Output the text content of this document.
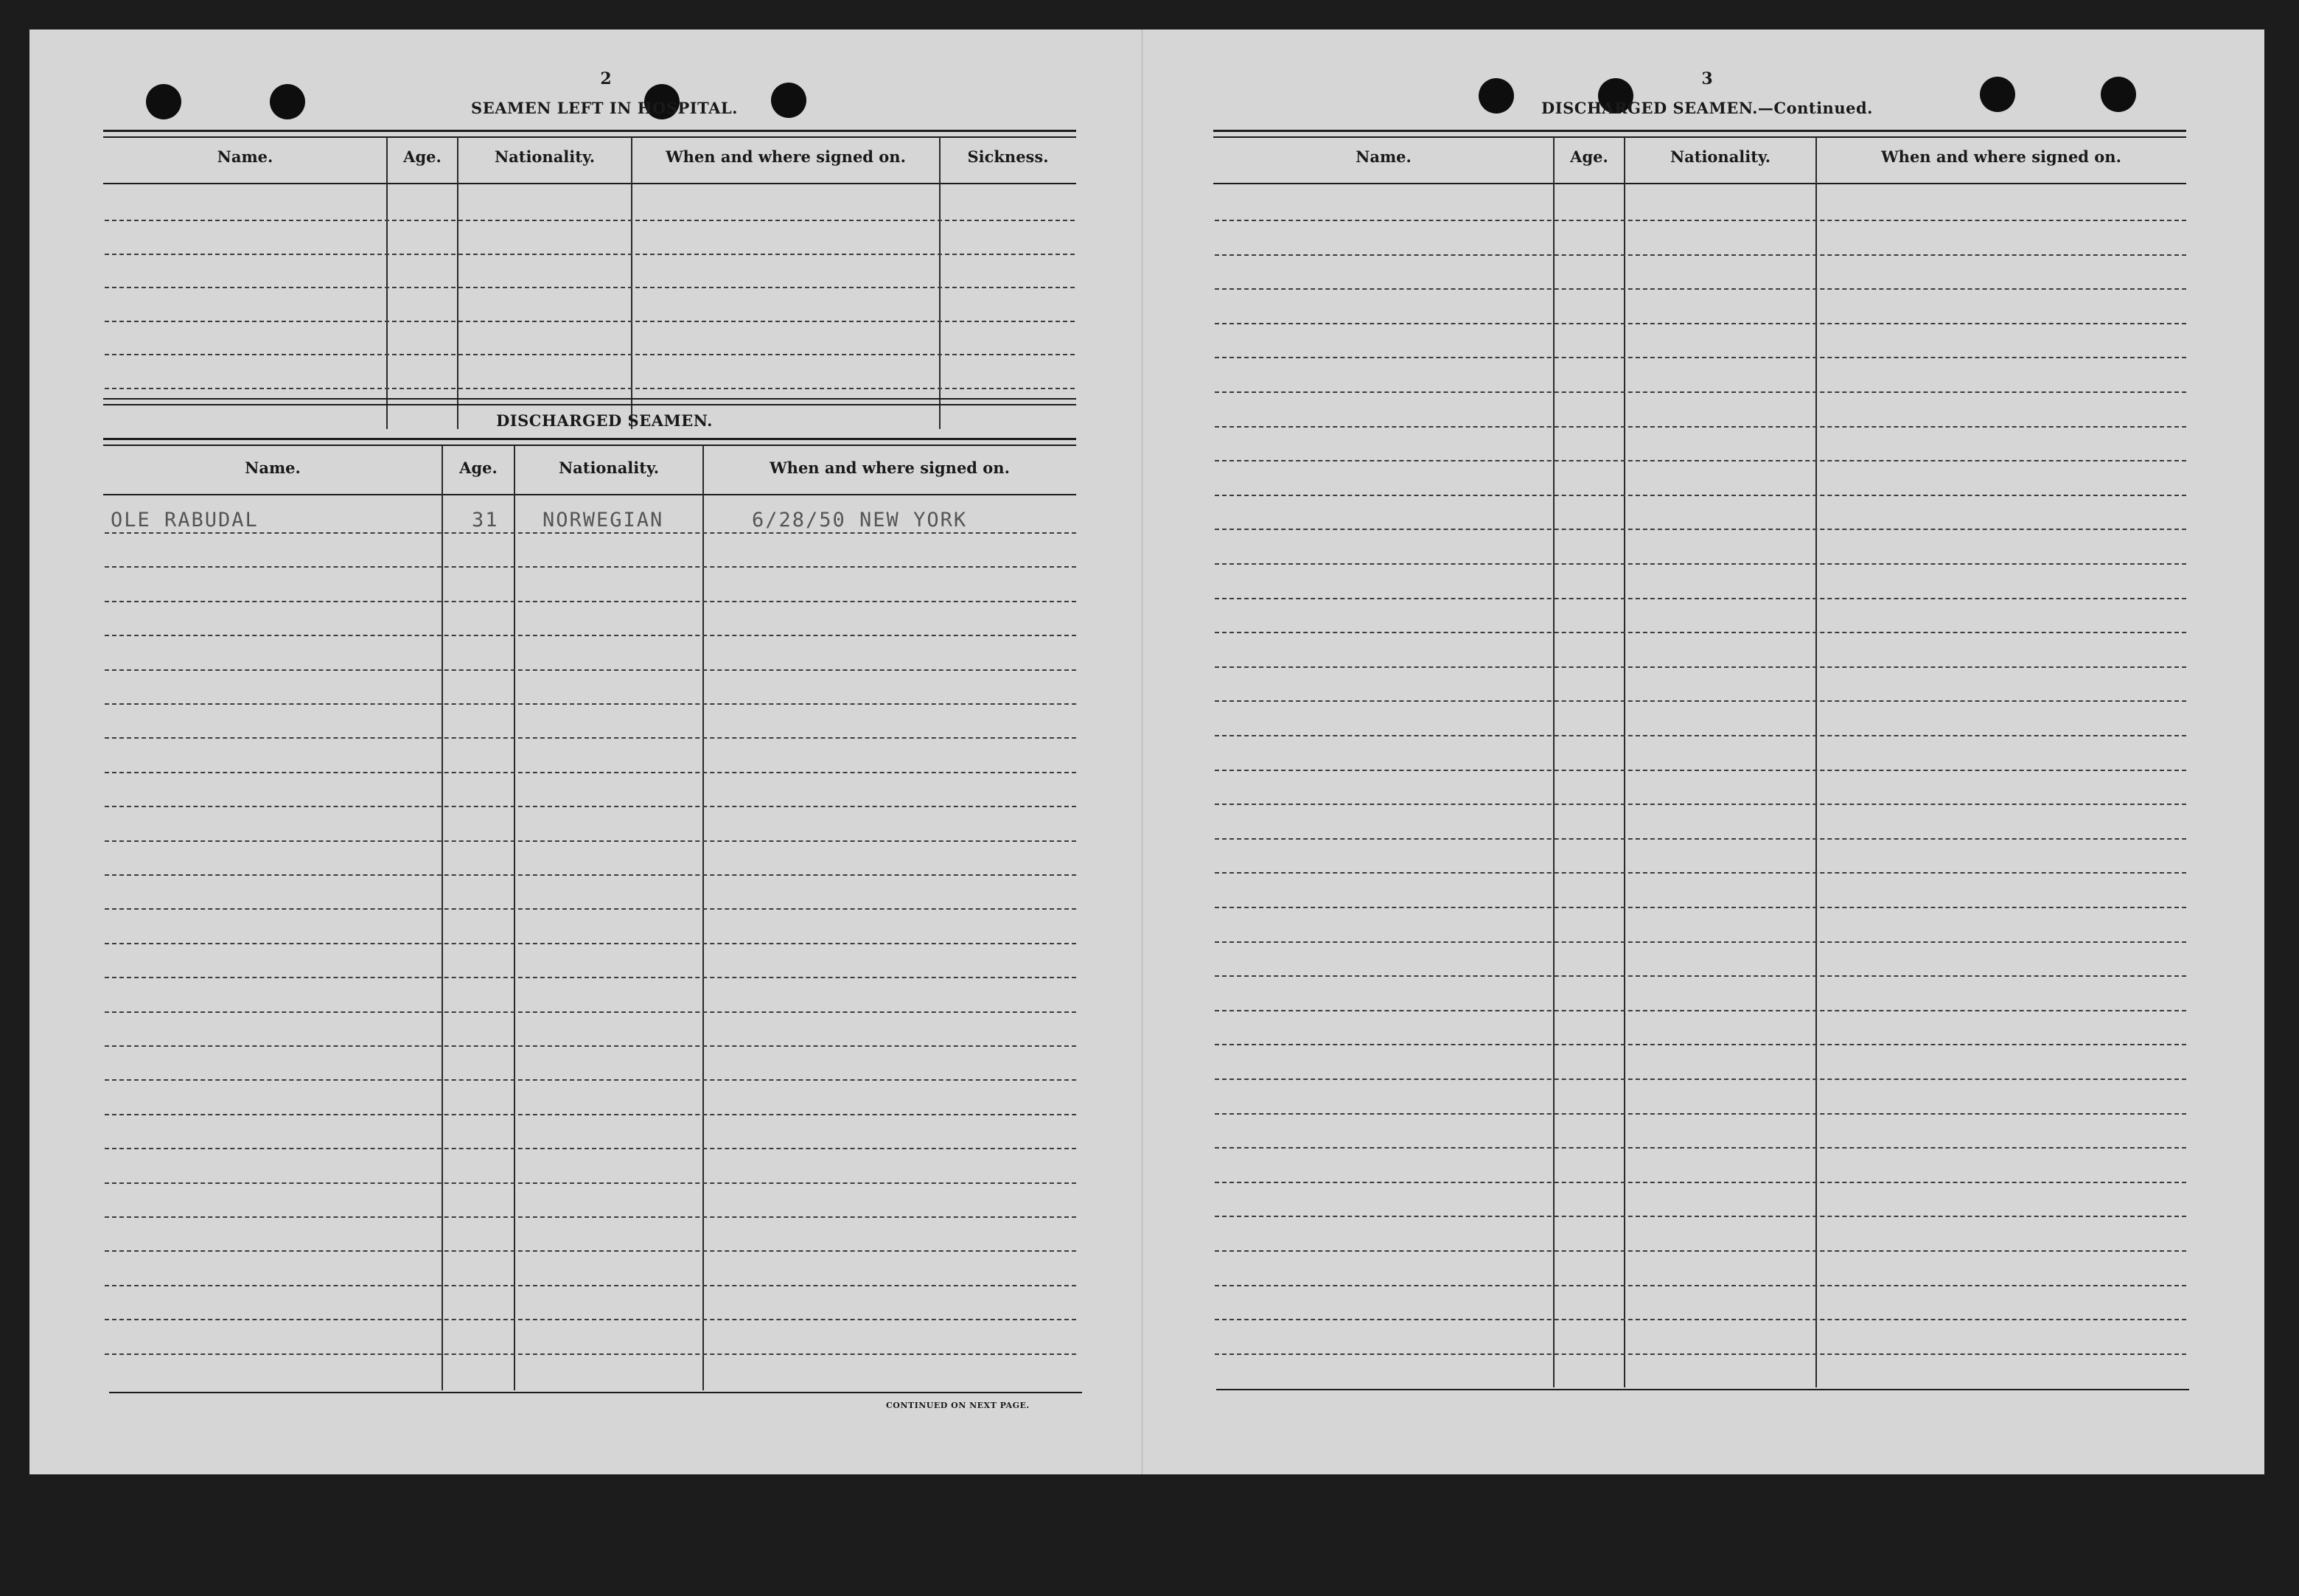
2
SEAMEN LEFT IN HOSPITAL.
Name.	Age.	Nationality.	When and where signed on.	Sickness.
DISCHARGED SEAMEN.
Name.	Age.	Nationality.	When and where signed on.
OLE RABUDAL	31 NORWEGIAN	6/28/50 NEW YORK
CONTINUED ON NEXT PAGE.
3
DISCHARGED SEAMEN.—Continued.
Name.	Age.	Nationality.	When and where signed on.
